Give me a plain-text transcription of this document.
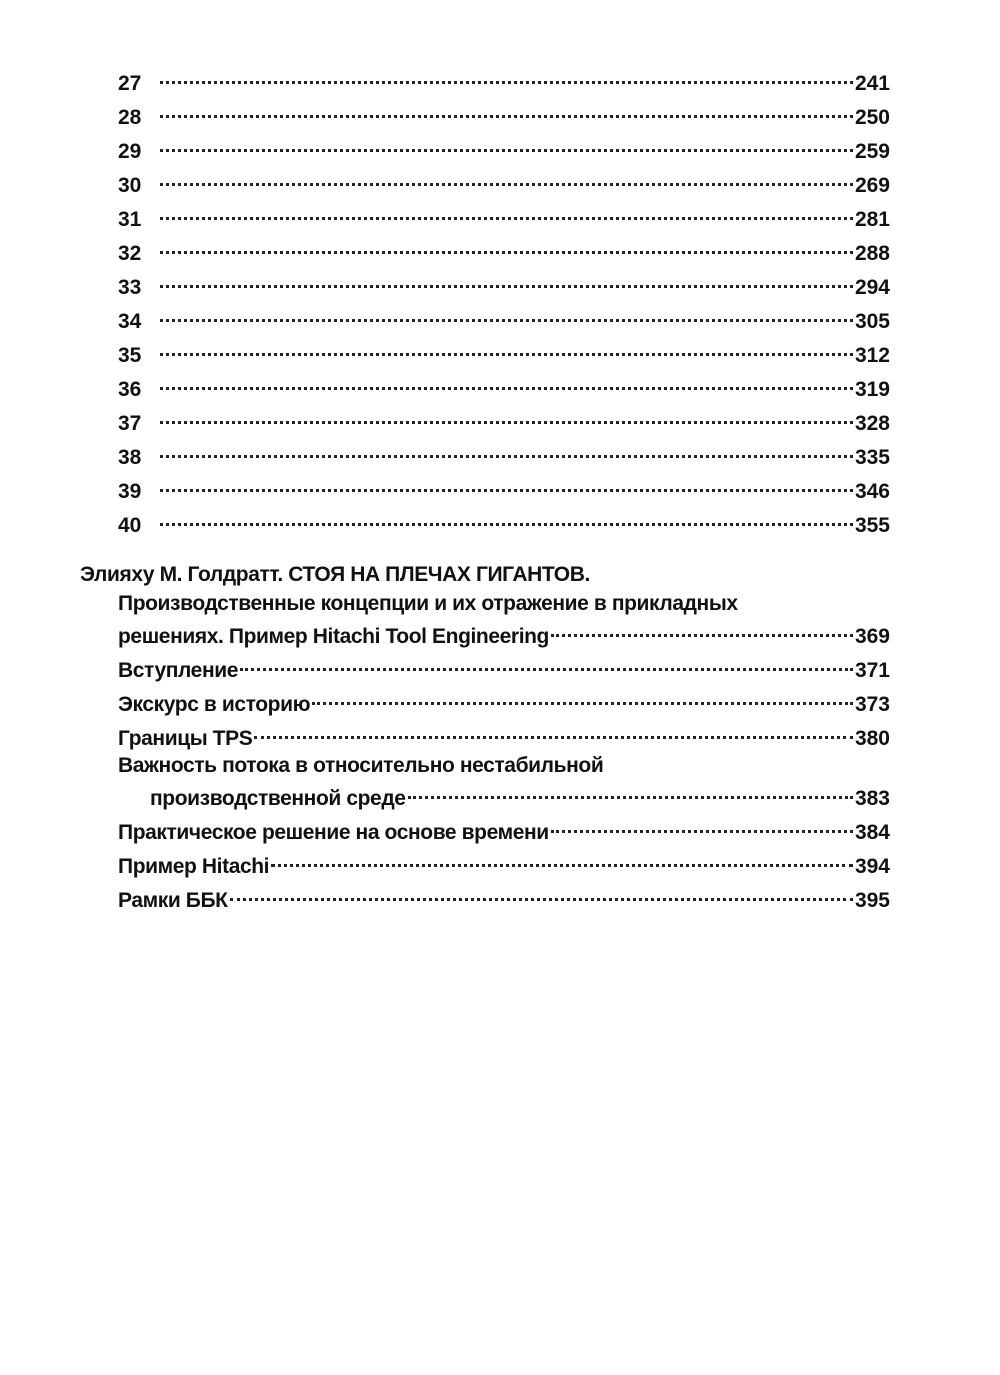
27	241
28	250
29	259
30	269
31	281
32	288
33	294
34	305
35	312
36	319
37	328
38	335
39	346
40	355
Элияху М. Голдратт. СТОЯ НА ПЛЕЧАХ ГИГАНТОВ.
Производственные концепции и их отражение в прикладных
решениях. Пример Hitachi Tool Engineering	369
Вступление	371
Экскурс в историю	373
Границы TPS	380
Важность потока в относительно нестабильной
производственной среде	383
Практическое решение на основе времени	384
Пример Hitachi	394
Рамки ББК	395
